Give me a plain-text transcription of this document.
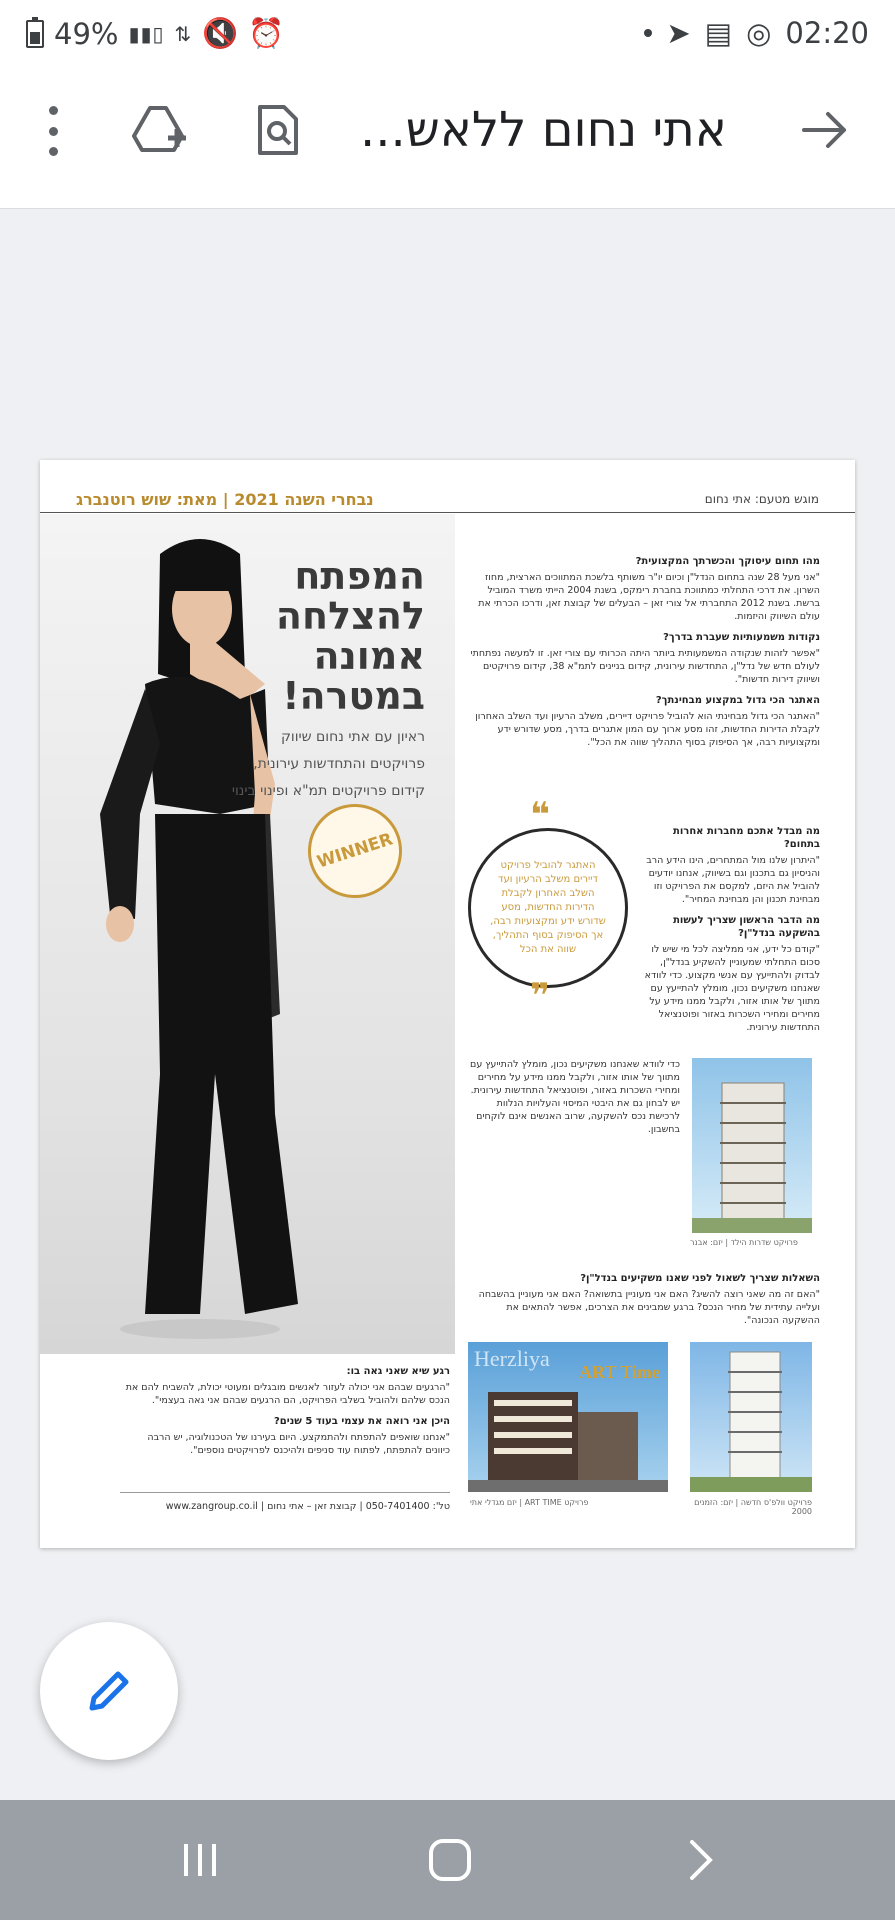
49% ▮▮▯ ⇅ 🔇 ⏰	➤ ▤ ◎ 02:20
אתי נחום ללאש...
נבחרי השנה 2021 | מאת: שוש רוטנברג	מוגש מטעם: אתי נחום
המפתח להצלחה אמונה במטרה!
ראיון עם אתי נחום שיווק פרויקטים והתחדשות עירונית, קידום פרויקטים תמ"א ופינוי בינוי
WINNER
מהו תחום עיסוקך והכשרתך המקצועית?

"אני מעל 28 שנה בתחום הנדל"ן וכיום יו"ר משותף בלשכת המתווכים הארצית, מחוז השרון. את דרכי התחלתי כמתווכת בחברת רימקס, בשנת 2004 הייתי משרד המוביל ברשת. בשנת 2012 התחברתי אל צורי זאן – הבעלים של קבוצת זאן, ודרכו הכרתי את עולם השיווק והיזמות.

נקודות משמעותיות שעברת בדרך?

"אפשר לזהות שנקודה המשמעותית ביותר היתה הכרותי עם צורי זאן. זו למעשה נפתחתי לעולם חדש של נדל"ן, התחדשות עירונית, קידום בניינים לתמ"א 38, קידום פרויקטים ושיווק דירות חדשות".

האתגר הכי גדול במקצוע מבחינתך?

"האתגר הכי גדול מבחינתי הוא להוביל פרויקט דיירים, משלב הרעיון ועד השלב האחרון לקבלת הדירות החדשות, זהו מסע ארוך עם המון אתגרים בדרך, מסע שדורש ידע ומקצועיות רבה, אך הסיפוק בסוף התהליך שווה את הכל".

מה מבדל אתכם מחברות אחרות בתחום?

"היתרון שלנו מול המתחרים, הינו הידע הרב והניסיון גם בתכנון וגם בשיווק, אנחנו יודעים להוביל את היזם, למקסם את הפרויקט וזו מבחינת תכנון והן מבחינת המחיר".

מה הדבר הראשון שצריך לעשות בהשקעה בנדל"ן?

"קודם כל ידע, אני ממליצה לכל מי שיש לו סכום התחלתי שמעוניין להשקיע בנדל"ן, לבדוק ולהתייעץ עם אנשי מקצוע. כדי לוודא שאנחנו משקיעים נכון, מומלץ להתייעץ עם מתווך של אותו אזור, ולקבל ממנו מידע על מחירים ומחירי השכרות באזור ופוטנציאל התחדשות עירונית.

❝
האתגר להוביל פרויקט דיירים משלב הרעיון ועד השלב האחרון לקבלת הדירות החדשות, מסע שדורש ידע ומקצועיות רבה, אך הסיפוק בסוף התהליך, שווה את הכל
❞
פרויקט שדרות הילד | יזם: אבנר

כדי לוודא שאנחנו משקיעים נכון, מומלץ להתייעץ עם מתווך של אותו אזור, ולקבל ממנו מידע על מחירים ומחירי השכרות באזור, ופוטנציאל התחדשות עירונית. יש לבחון גם את היבטי המיסוי והעלויות הנלוות לרכישת נכס להשקעה, שרוב האנשים אינם לוקחים בחשבון.

השאלות שצריך לשאול לפני שאנו משקיעים בנדל"ן?

"האם זה מה שאני רוצה להשיג? האם אני מעוניין בתשואה? האם אני מעוניין בהשבחה ועלייה עתידית של מחיר הנכס? ברגע שמבינים את הצרכים, אפשר להתאים את ההשקעה הנכונה".

Herzliya
ART Time
פרויקט ART TIME | יזם מגדלי אתי	פרויקט וולפ'ס חדשה | יזם: הזמנים 2000
רגע שיא שאני גאה בו:

"הרגעים שבהם אני יכולה לעזור לאנשים מובגלים ומעוטי יכולת, להשביח להם את הנכס שלהם ולהוביל בשלבי הפרויקט, הם הרגעים שבהם אני גאה בעצמי".

היכן אני רואה את עצמי בעוד 5 שנים?

"אנחנו שואפים להתפתח ולהתמקצע. היום בעירנו של הטכנולוגיה, יש הרבה כיוונים להתפתח, לפתוח עוד סניפים ולהיכנס לפרויקטים נוספים".

טל': 050-7401400 | קבוצת זאן – אתי נחום | www.zangroup.co.il
